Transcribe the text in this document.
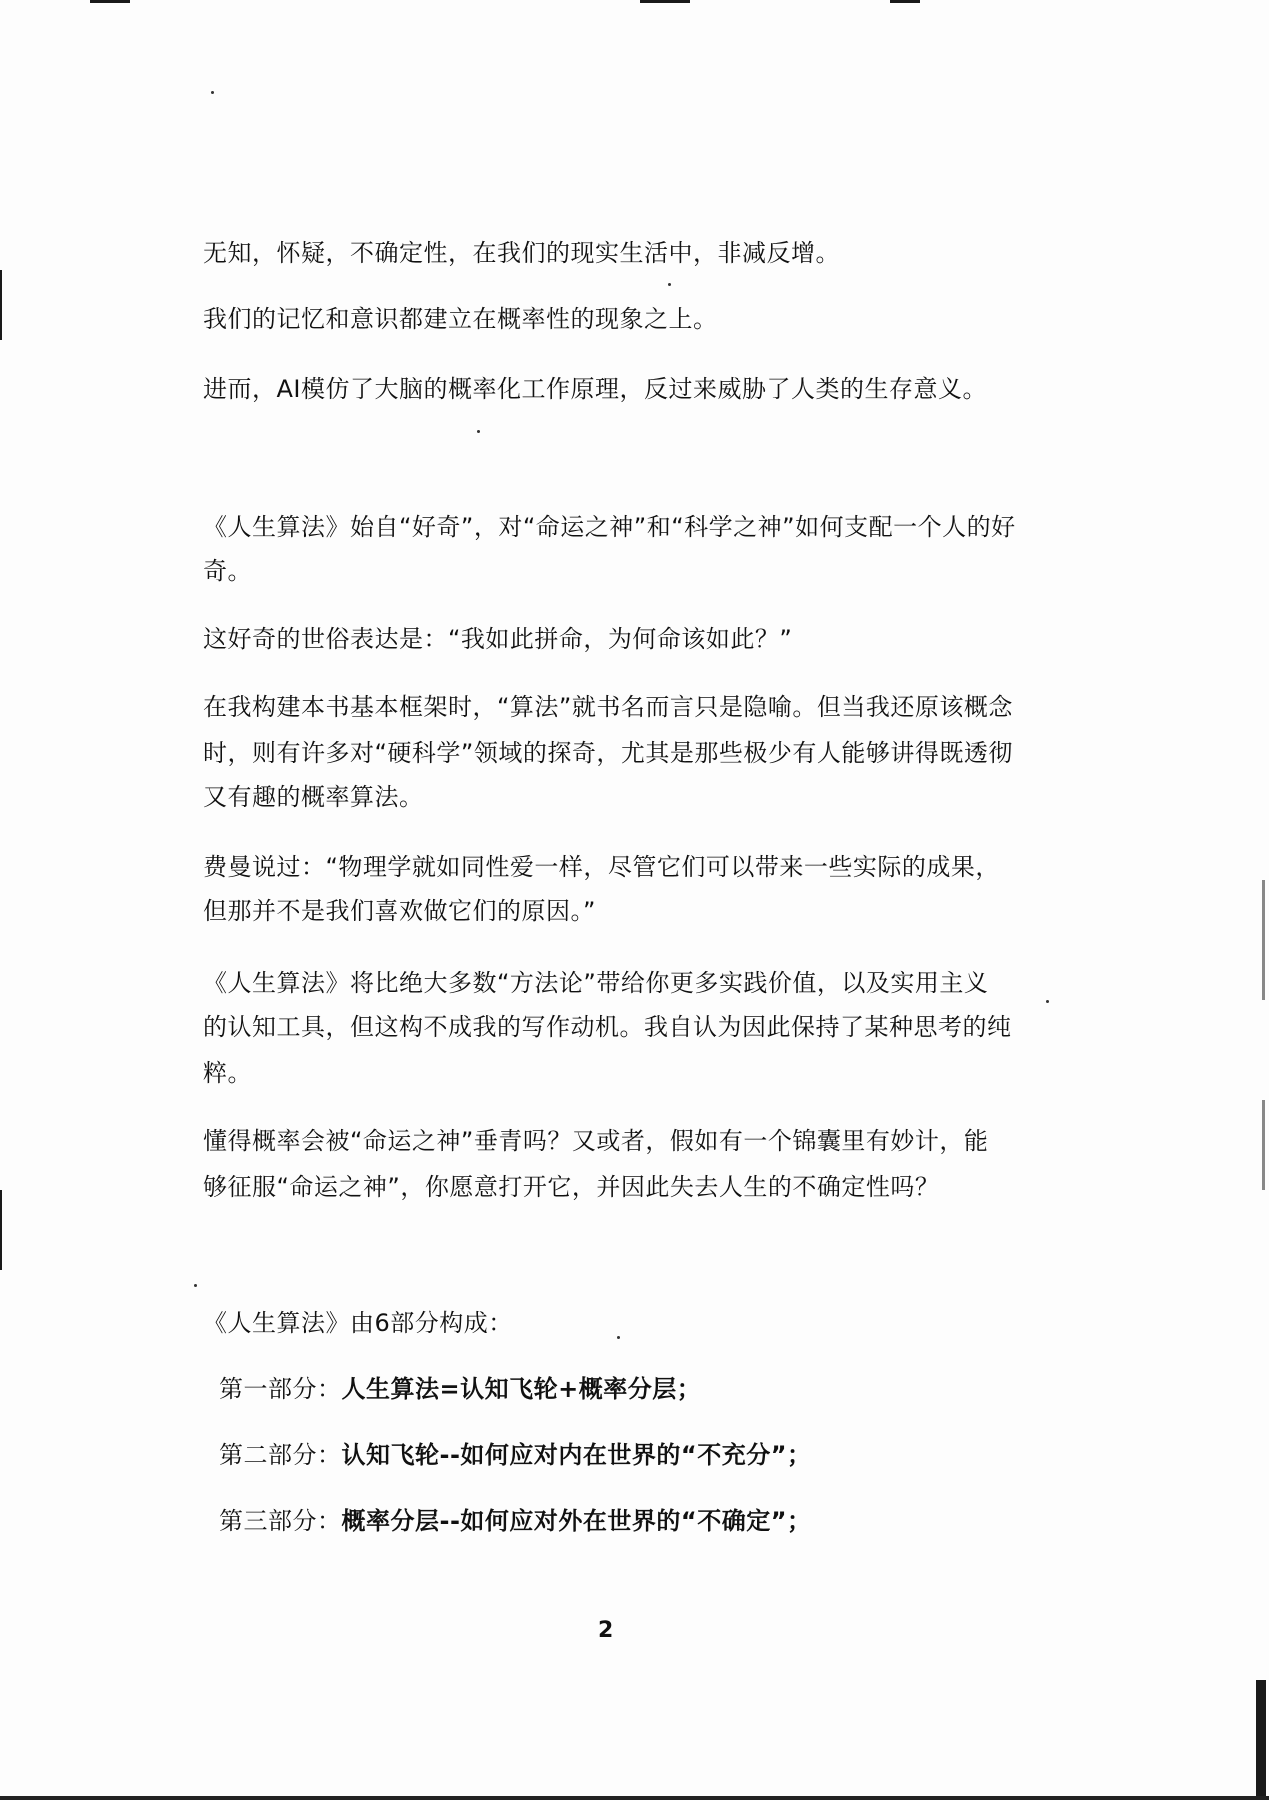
无知，怀疑，不确定性，在我们的现实生活中，非减反增。
我们的记忆和意识都建立在概率性的现象之上。
进而，AI模仿了大脑的概率化工作原理，反过来威胁了人类的生存意义。
《人生算法》始自“好奇”，对“命运之神”和“科学之神”如何支配一个人的好
奇。
这好奇的世俗表达是：“我如此拼命，为何命该如此？”
在我构建本书基本框架时，“算法”就书名而言只是隐喻。但当我还原该概念
时，则有许多对“硬科学”领域的探奇，尤其是那些极少有人能够讲得既透彻
又有趣的概率算法。
费曼说过：“物理学就如同性爱一样，尽管它们可以带来一些实际的成果，
但那并不是我们喜欢做它们的原因。”
《人生算法》将比绝大多数“方法论”带给你更多实践价值，以及实用主义
的认知工具，但这构不成我的写作动机。我自认为因此保持了某种思考的纯
粹。
懂得概率会被“命运之神”垂青吗？又或者，假如有一个锦囊里有妙计，能
够征服“命运之神”，你愿意打开它，并因此失去人生的不确定性吗？
《人生算法》由6部分构成：
第一部分：人生算法=认知飞轮+概率分层；
第二部分：认知飞轮--如何应对内在世界的“不充分”；
第三部分：概率分层--如何应对外在世界的“不确定”；
2
